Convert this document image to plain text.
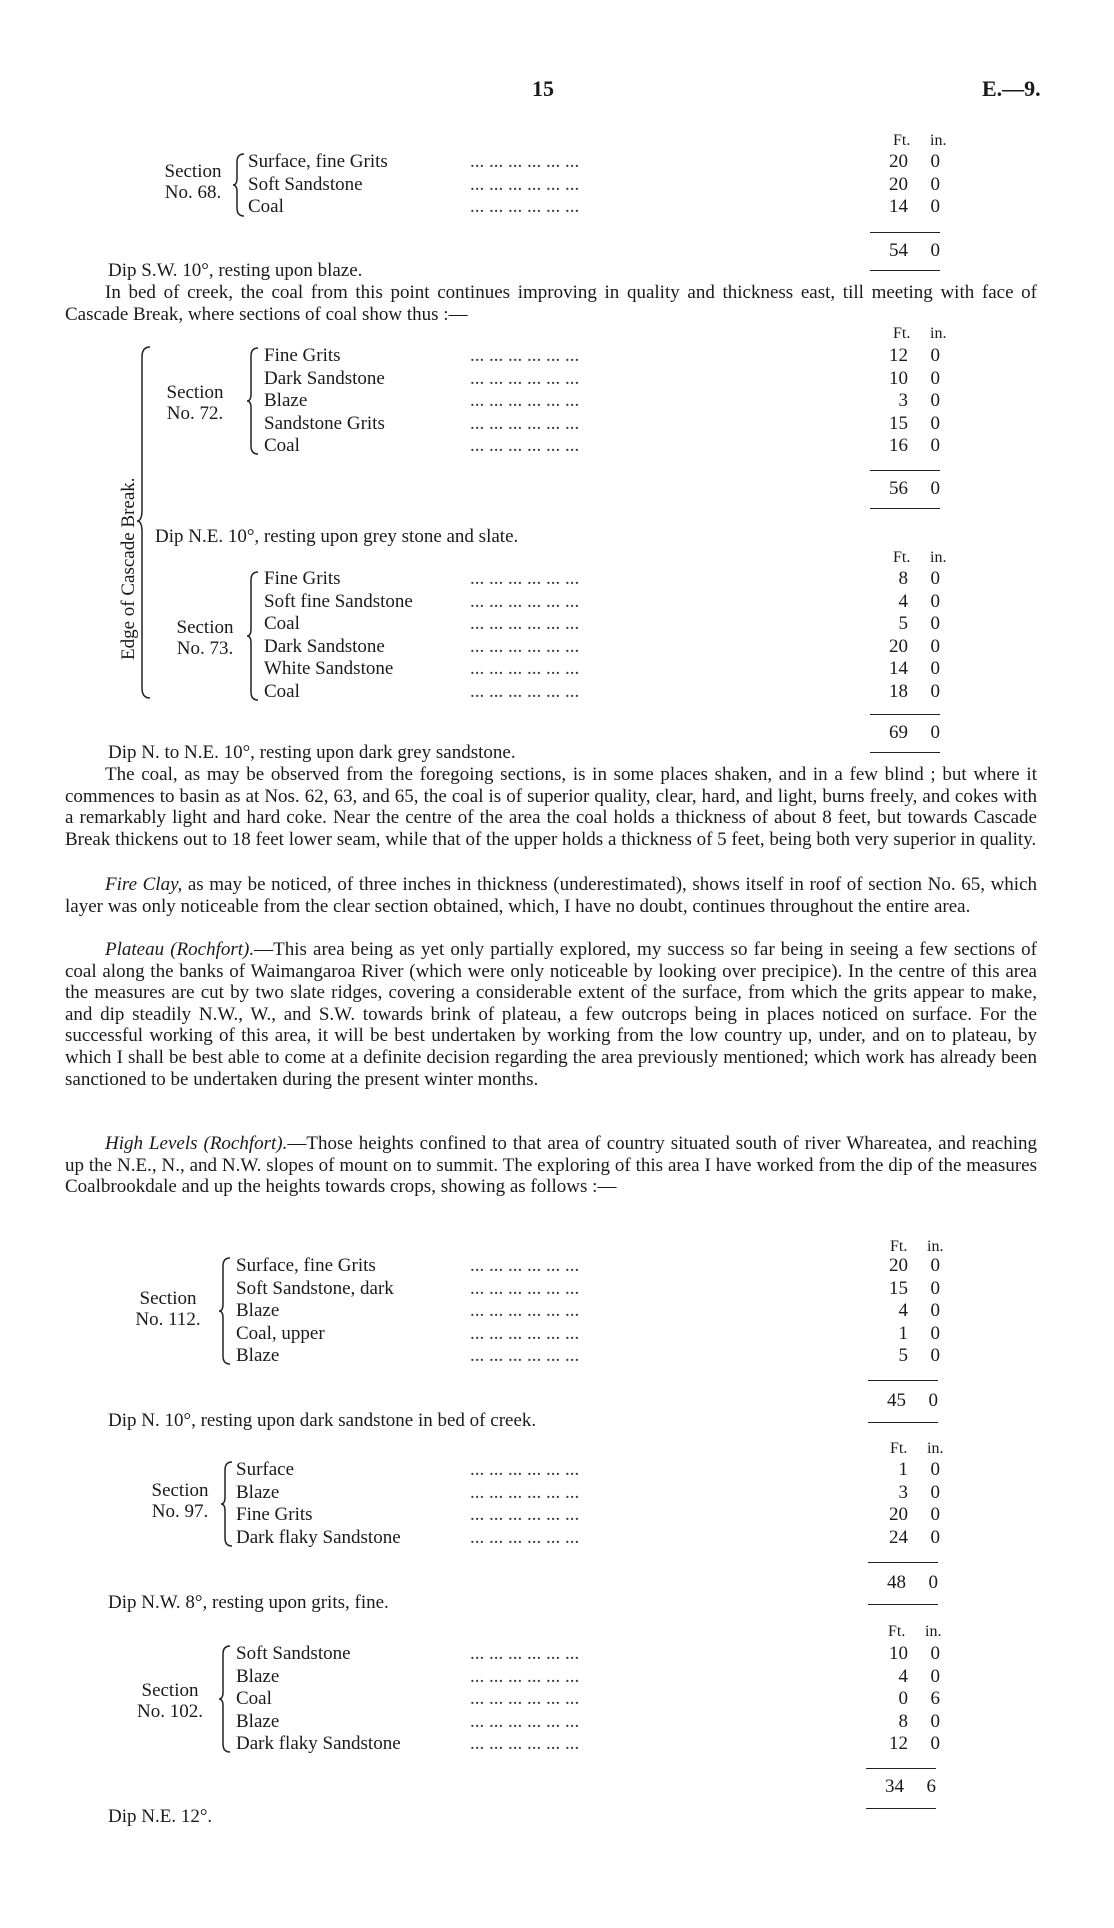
15	E.—9.
Ft. in.
Section
No. 68.
Surface, fine Grits	... ... ... ... ... ...	20	0
Soft Sandstone	... ... ... ... ... ...	20	0
Coal	... ... ... ... ... ...	14	0
54	0
Dip S.W. 10°, resting upon blaze.
In bed of creek, the coal from this point continues improving in quality and thickness east, till meeting with face of Cascade Break, where sections of coal show thus :—
Edge of Cascade Break.
Ft. in.
Section
No. 72.
Fine Grits	... ... ... ... ... ...	12	0
Dark Sandstone	... ... ... ... ... ...	10	0
Blaze	... ... ... ... ... ...	3	0
Sandstone Grits	... ... ... ... ... ...	15	0
Coal	... ... ... ... ... ...	16	0
56	0
Dip N.E. 10°, resting upon grey stone and slate.
Ft. in.
Section
No. 73.
Fine Grits	... ... ... ... ... ...	8	0
Soft fine Sandstone	... ... ... ... ... ...	4	0
Coal	... ... ... ... ... ...	5	0
Dark Sandstone	... ... ... ... ... ...	20	0
White Sandstone	... ... ... ... ... ...	14	0
Coal	... ... ... ... ... ...	18	0
69	0
Dip N. to N.E. 10°, resting upon dark grey sandstone.
The coal, as may be observed from the foregoing sections, is in some places shaken, and in a few blind ; but where it commences to basin as at Nos. 62, 63, and 65, the coal is of superior quality, clear, hard, and light, burns freely, and cokes with a remarkably light and hard coke. Near the centre of the area the coal holds a thickness of about 8 feet, but towards Cascade Break thickens out to 18 feet lower seam, while that of the upper holds a thickness of 5 feet, being both very superior in quality.
Fire Clay, as may be noticed, of three inches in thickness (underestimated), shows itself in roof of section No. 65, which layer was only noticeable from the clear section obtained, which, I have no doubt, continues throughout the entire area.
Plateau (Rochfort).—This area being as yet only partially explored, my success so far being in seeing a few sections of coal along the banks of Waimangaroa River (which were only noticeable by looking over precipice). In the centre of this area the measures are cut by two slate ridges, covering a considerable extent of the surface, from which the grits appear to make, and dip steadily N.W., W., and S.W. towards brink of plateau, a few outcrops being in places noticed on surface. For the successful working of this area, it will be best undertaken by working from the low country up, under, and on to plateau, by which I shall be best able to come at a definite decision regarding the area previously mentioned; which work has already been sanctioned to be undertaken during the present winter months.
High Levels (Rochfort).—Those heights confined to that area of country situated south of river Whareatea, and reaching up the N.E., N., and N.W. slopes of mount on to summit. The exploring of this area I have worked from the dip of the measures Coalbrookdale and up the heights towards crops, showing as follows :—
Ft. in.
Section
No. 112.
Surface, fine Grits	... ... ... ... ... ...	20	0
Soft Sandstone, dark	... ... ... ... ... ...	15	0
Blaze	... ... ... ... ... ...	4	0
Coal, upper	... ... ... ... ... ...	1	0
Blaze	... ... ... ... ... ...	5	0
45	0
Dip N. 10°, resting upon dark sandstone in bed of creek.
Ft. in.
Section
No. 97.
Surface	... ... ... ... ... ...	1	0
Blaze	... ... ... ... ... ...	3	0
Fine Grits	... ... ... ... ... ...	20	0
Dark flaky Sandstone	... ... ... ... ... ...	24	0
48	0
Dip N.W. 8°, resting upon grits, fine.
Ft. in.
Section
No. 102.
Soft Sandstone	... ... ... ... ... ...	10	0
Blaze	... ... ... ... ... ...	4	0
Coal	... ... ... ... ... ...	0	6
Blaze	... ... ... ... ... ...	8	0
Dark flaky Sandstone	... ... ... ... ... ...	12	0
34	6
Dip N.E. 12°.
